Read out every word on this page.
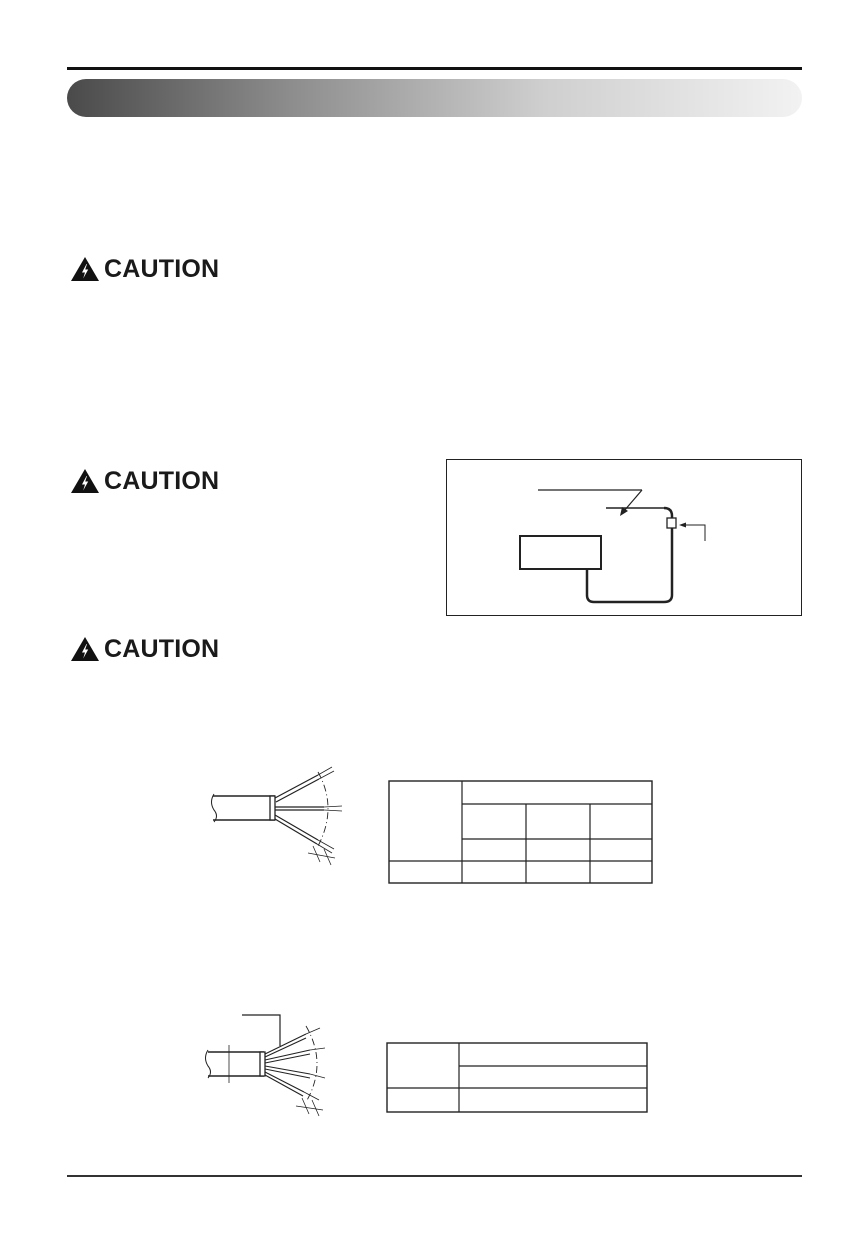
CAUTION
CAUTION
CAUTION
